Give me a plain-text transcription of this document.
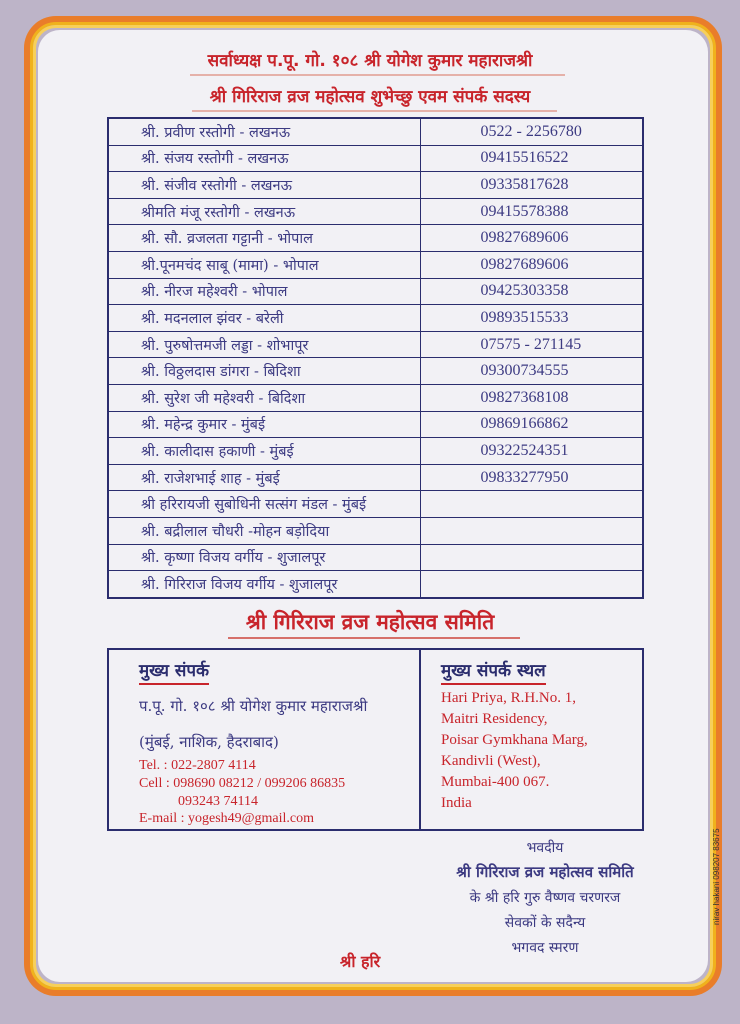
सर्वाध्यक्ष प.पू. गो. १०८ श्री योगेश कुमार महाराजश्री
श्री गिरिराज व्रज महोत्सव शुभेच्छु एवम संपर्क सदस्य
श्री. प्रवीण रस्तोगी - लखनऊ	0522 - 2256780
श्री. संजय रस्तोगी - लखनऊ	09415516522
श्री. संजीव रस्तोगी - लखनऊ	09335817628
श्रीमति मंजू रस्तोगी - लखनऊ	09415578388
श्री. सौ. व्रजलता गट्टानी - भोपाल	09827689606
श्री.पूनमचंद साबू (मामा) - भोपाल	09827689606
श्री. नीरज महेश्वरी - भोपाल	09425303358
श्री. मदनलाल झंवर - बरेली	09893515533
श्री. पुरुषोत्तमजी लड्डा - शोभापूर	07575 - 271145
श्री. विठ्ठलदास डांगरा - बिदिशा	09300734555
श्री. सुरेश जी महेश्वरी - बिदिशा	09827368108
श्री. महेन्द्र कुमार - मुंबई	09869166862
श्री. कालीदास हकाणी - मुंबई	09322524351
श्री. राजेशभाई शाह - मुंबई	09833277950
श्री हरिरायजी सुबोधिनी सत्संग मंडल - मुंबई	
श्री. बद्रीलाल चौधरी -मोहन बड़ोदिया	
श्री. कृष्णा विजय वर्गीय - शुजालपूर	
श्री. गिरिराज विजय वर्गीय - शुजालपूर	
श्री गिरिराज व्रज महोत्सव समिति
मुख्य संपर्क
प.पू. गो. १०८ श्री योगेश कुमार महाराजश्री
(मुंबई, नाशिक, हैदराबाद)
Tel. : 022-2807 4114
Cell : 098690 08212 / 099206 86835
093243 74114
E-mail : yogesh49@gmail.com
मुख्य संपर्क स्थल
Hari Priya, R.H.No. 1,
Maitri Residency,
Poisar Gymkhana Marg,
Kandivli (West),
Mumbai-400 067.
India
भवदीय
श्री गिरिराज व्रज महोत्सव समिति
के श्री हरि गुरु वैष्णव चरणरज
सेवकों के सदैन्य
भगवद स्मरण
श्री हरि
nirav hakani 098207 83675
